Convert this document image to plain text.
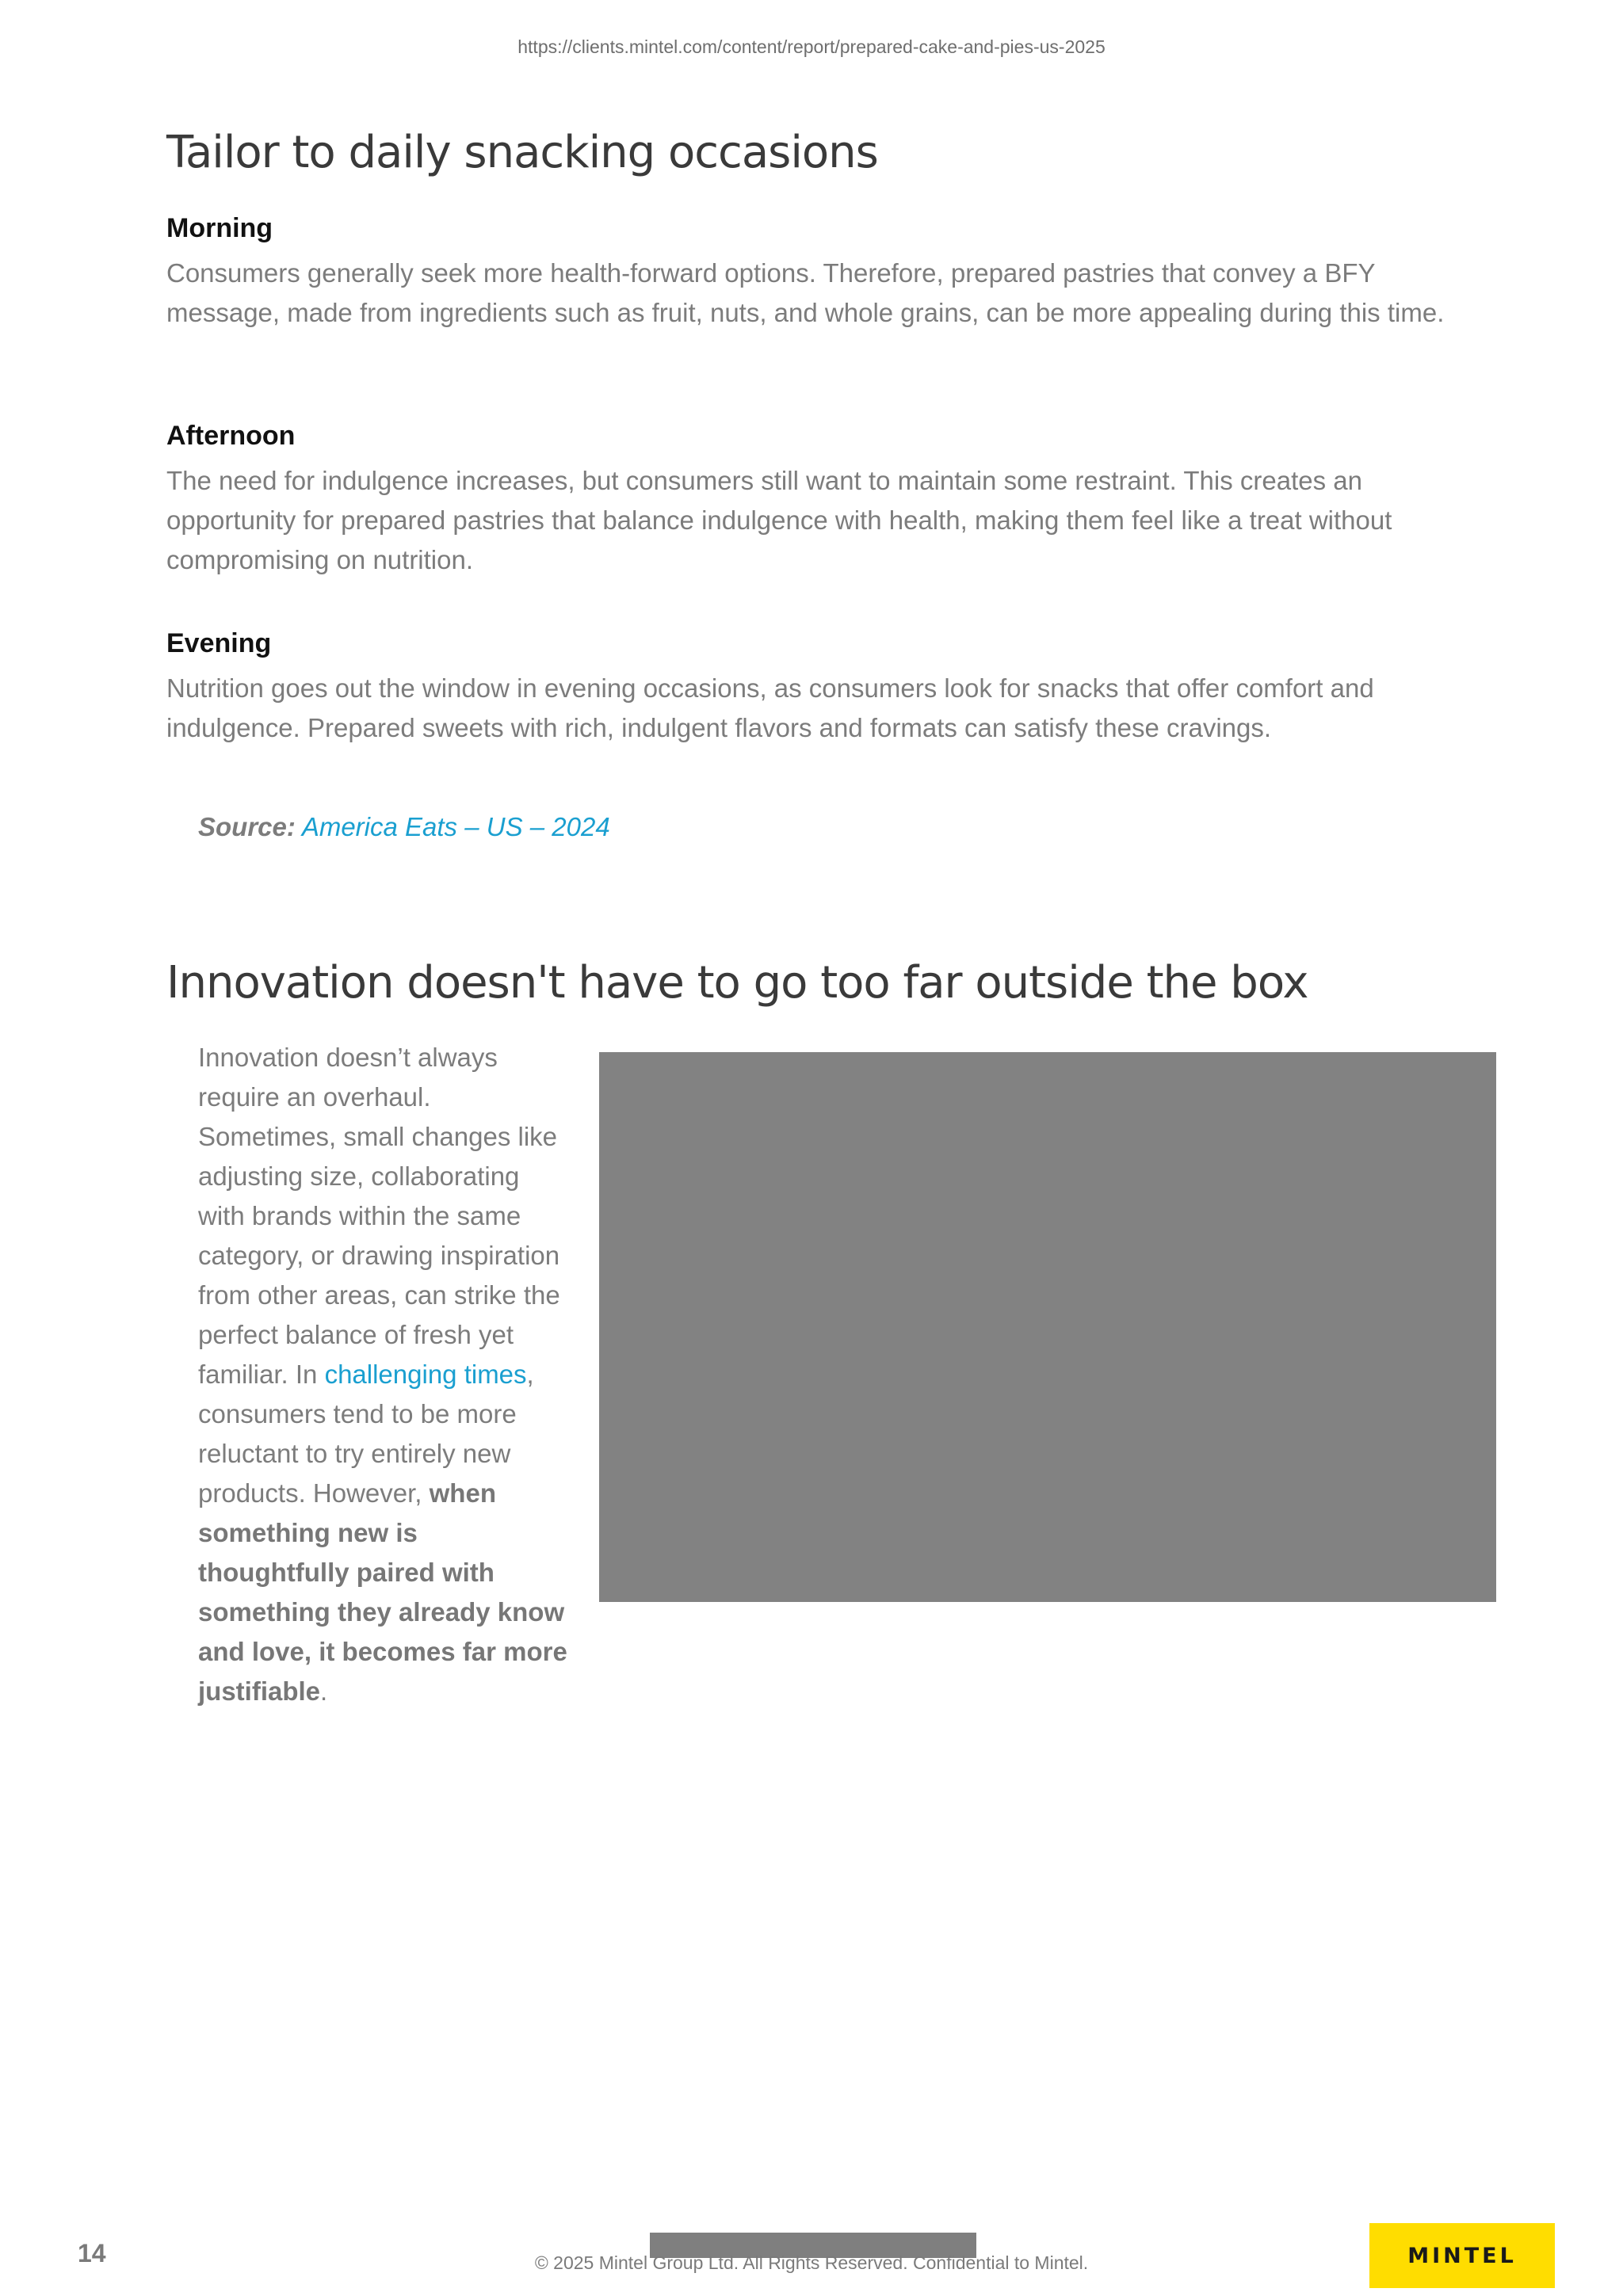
https://clients.mintel.com/content/report/prepared-cake-and-pies-us-2025
Tailor to daily snacking occasions
Morning

Consumers generally seek more health-forward options. Therefore, prepared pastries that convey a BFY message, made from ingredients such as fruit, nuts, and whole grains, can be more appealing during this time.

Afternoon

The need for indulgence increases, but consumers still want to maintain some restraint. This creates an opportunity for prepared pastries that balance indulgence with health, making them feel like a treat without compromising on nutrition.

Evening

Nutrition goes out the window in evening occasions, as consumers look for snacks that offer comfort and indulgence. Prepared sweets with rich, indulgent flavors and formats can satisfy these cravings.

Source: America Eats – US – 2024
Innovation doesn't have to go too far outside the box
Innovation doesn’t always require an overhaul. Sometimes, small changes like adjusting size, collaborating with brands within the same category, or drawing inspiration from other areas, can strike the perfect balance of fresh yet familiar. In challenging times, consumers tend to be more reluctant to try entirely new products. However, when something new is thoughtfully paired with something they already know and love, it becomes far more justifiable.
14	© 2025 Mintel Group Ltd. All Rights Reserved. Confidential to Mintel.	MINTEL
